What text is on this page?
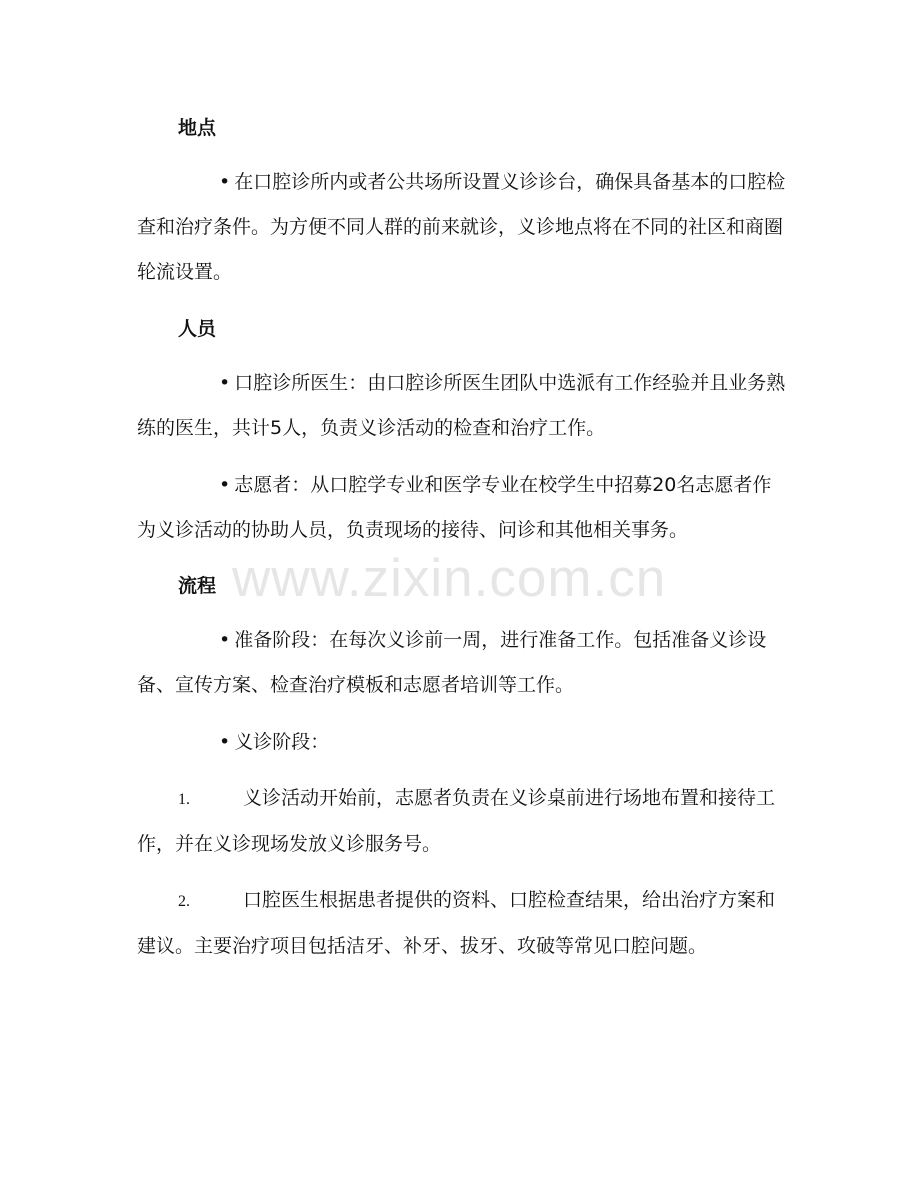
www.zixin.com.cn
地点
• 在口腔诊所内或者公共场所设置义诊诊台，确保具备基本的口腔检查和治疗条件。为方便不同人群的前来就诊，义诊地点将在不同的社区和商圈轮流设置。
人员
• 口腔诊所医生：由口腔诊所医生团队中选派有工作经验并且业务熟练的医生，共计5人，负责义诊活动的检查和治疗工作。
• 志愿者：从口腔学专业和医学专业在校学生中招募20名志愿者作为义诊活动的协助人员，负责现场的接待、问诊和其他相关事务。
流程
• 准备阶段：在每次义诊前一周，进行准备工作。包括准备义诊设备、宣传方案、检查治疗模板和志愿者培训等工作。
• 义诊阶段：
1.	义诊活动开始前，志愿者负责在义诊桌前进行场地布置和接待工作，并在义诊现场发放义诊服务号。
2.	口腔医生根据患者提供的资料、口腔检查结果，给出治疗方案和建议。主要治疗项目包括洁牙、补牙、拔牙、攻破等常见口腔问题。
